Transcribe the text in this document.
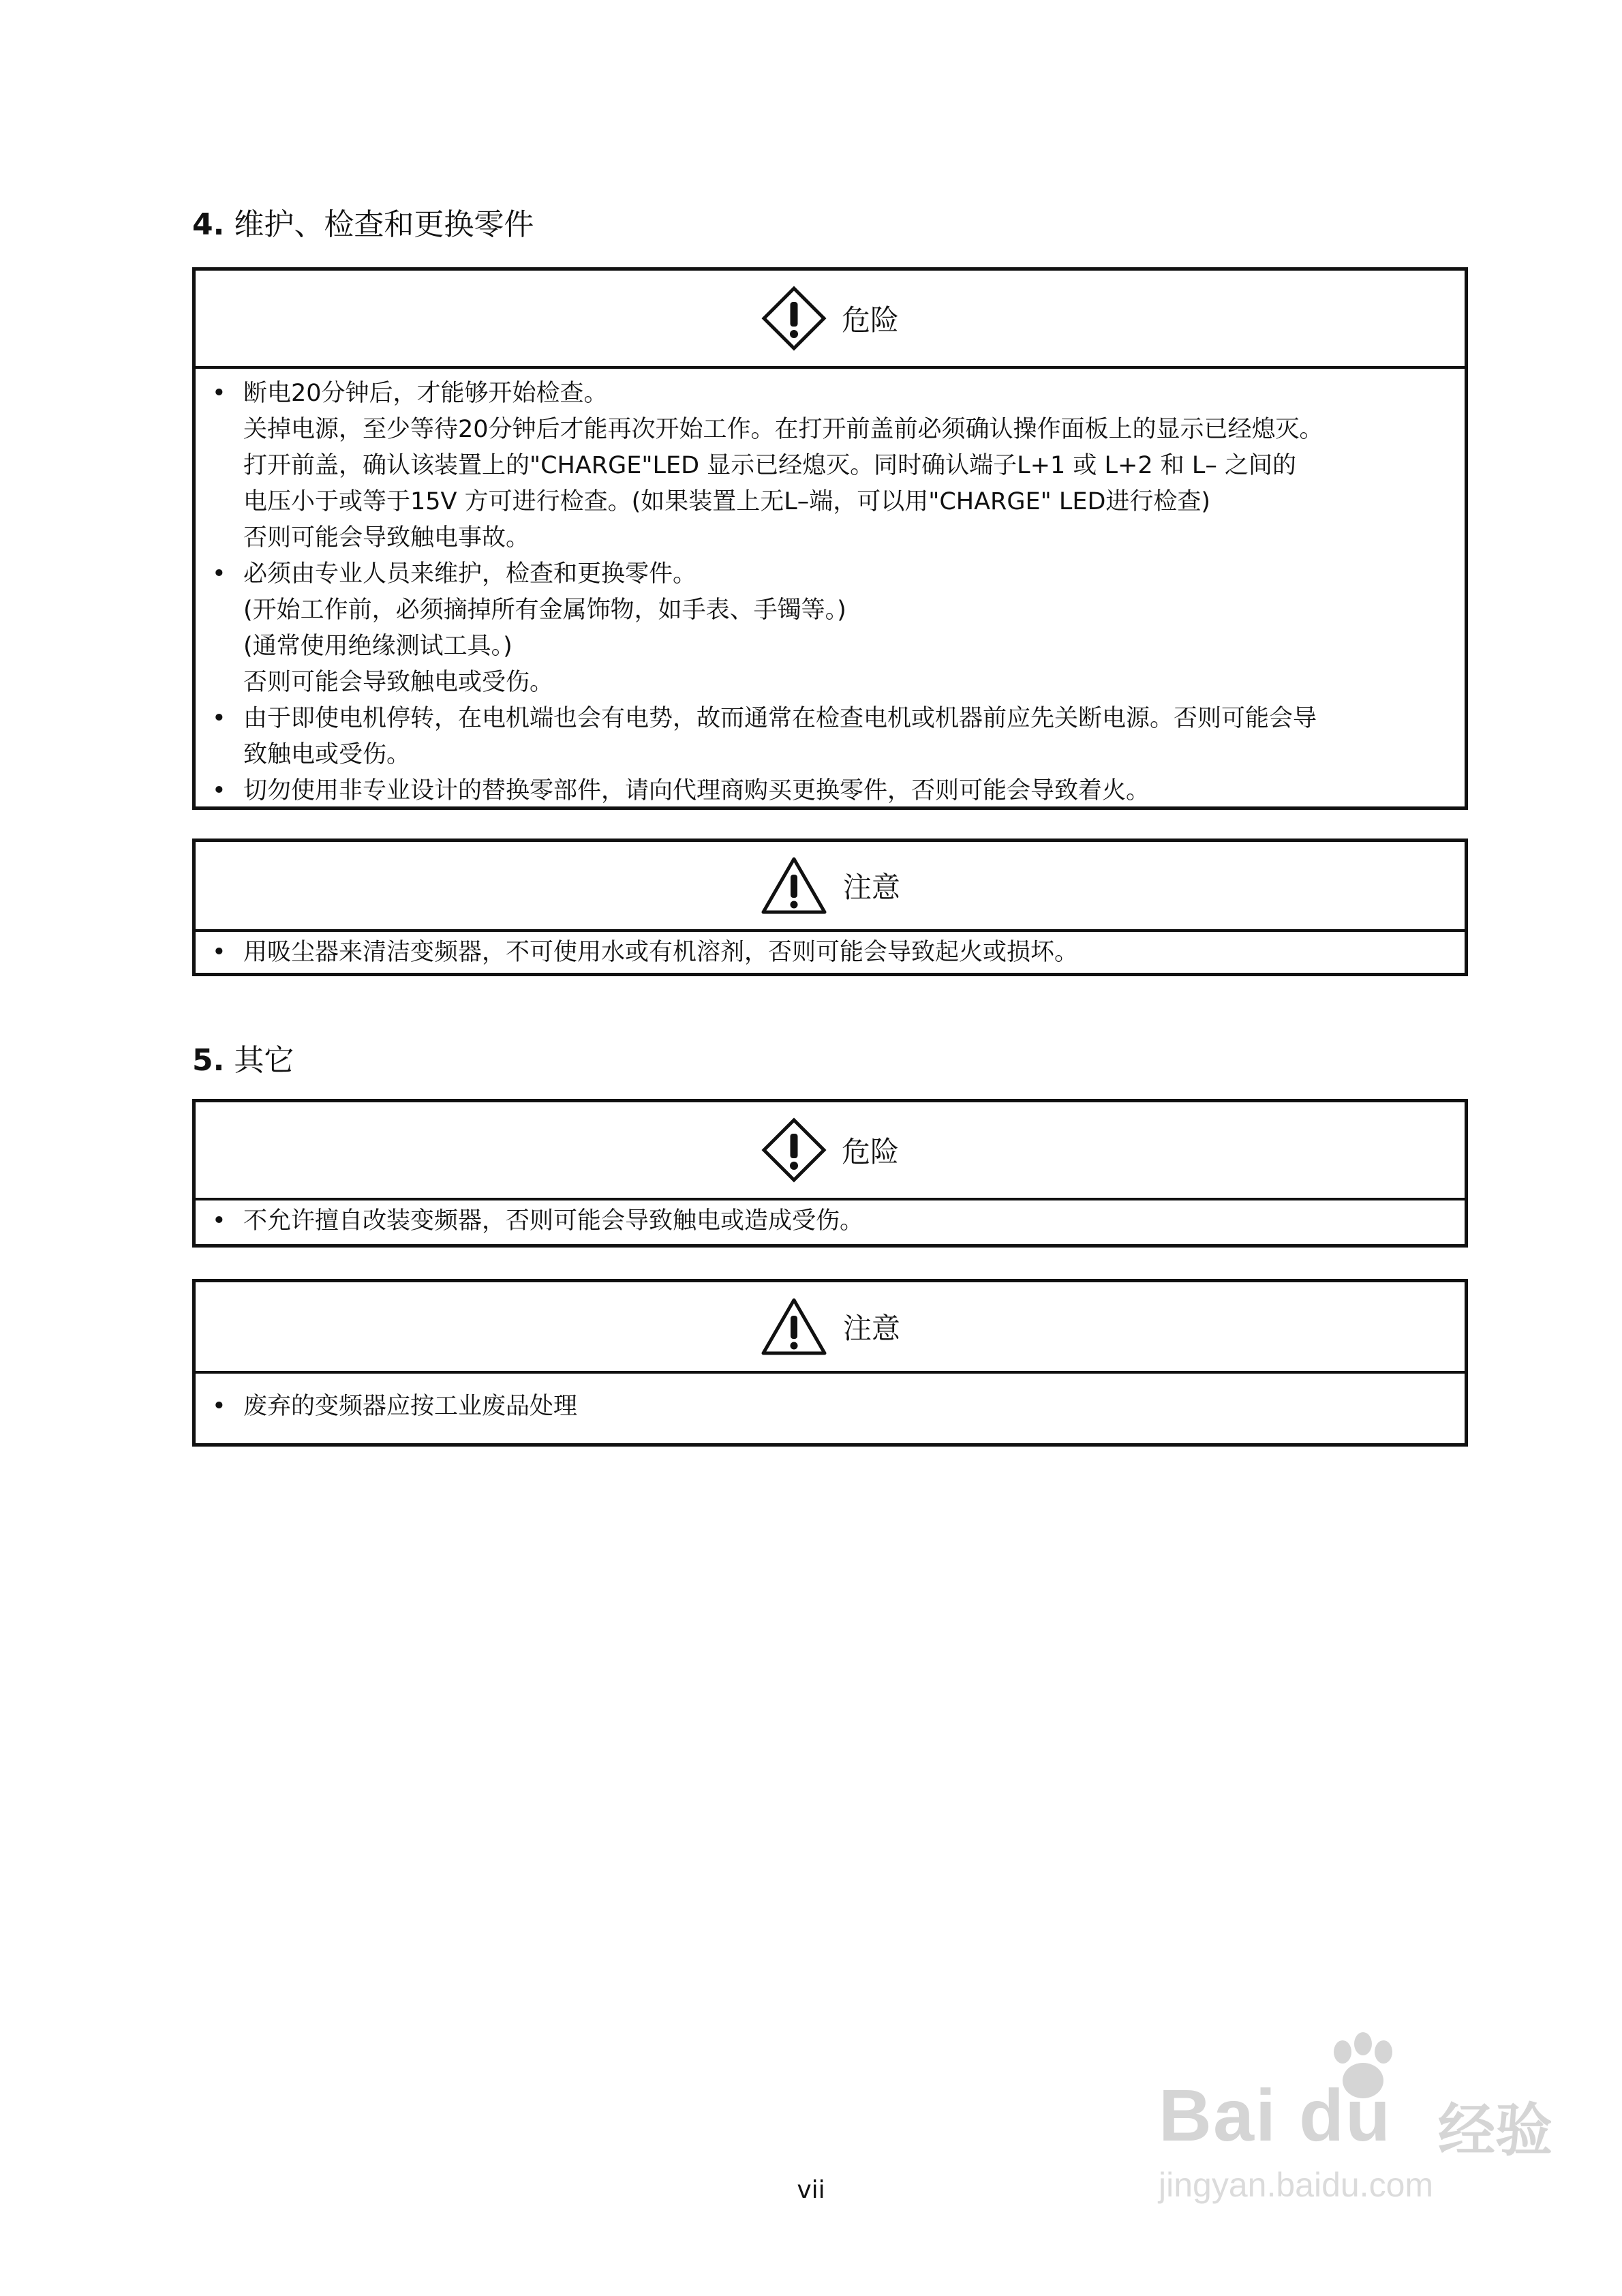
4. 维护、检查和更换零件
危险
• 断电20分钟后，才能够开始检查。
关掉电源，至少等待20分钟后才能再次开始工作。在打开前盖前必须确认操作面板上的显示已经熄灭。
打开前盖，确认该装置上的"CHARGE"LED 显示已经熄灭。同时确认端子L+1 或 L+2 和 L– 之间的
电压小于或等于15V 方可进行检查。(如果装置上无L–端，可以用"CHARGE" LED进行检查)
否则可能会导致触电事故。
• 必须由专业人员来维护，检查和更换零件。
(开始工作前，必须摘掉所有金属饰物，如手表、手镯等。)
(通常使用绝缘测试工具。)
否则可能会导致触电或受伤。
• 由于即使电机停转，在电机端也会有电势，故而通常在检查电机或机器前应先关断电源。否则可能会导
致触电或受伤。
• 切勿使用非专业设计的替换零部件，请向代理商购买更换零件，否则可能会导致着火。
注意
• 用吸尘器来清洁变频器，不可使用水或有机溶剂，否则可能会导致起火或损坏。
5. 其它
危险
• 不允许擅自改装变频器，否则可能会导致触电或造成受伤。
注意
• 废弃的变频器应按工业废品处理
Bai du 经验
jingyan.baidu.com
vii
